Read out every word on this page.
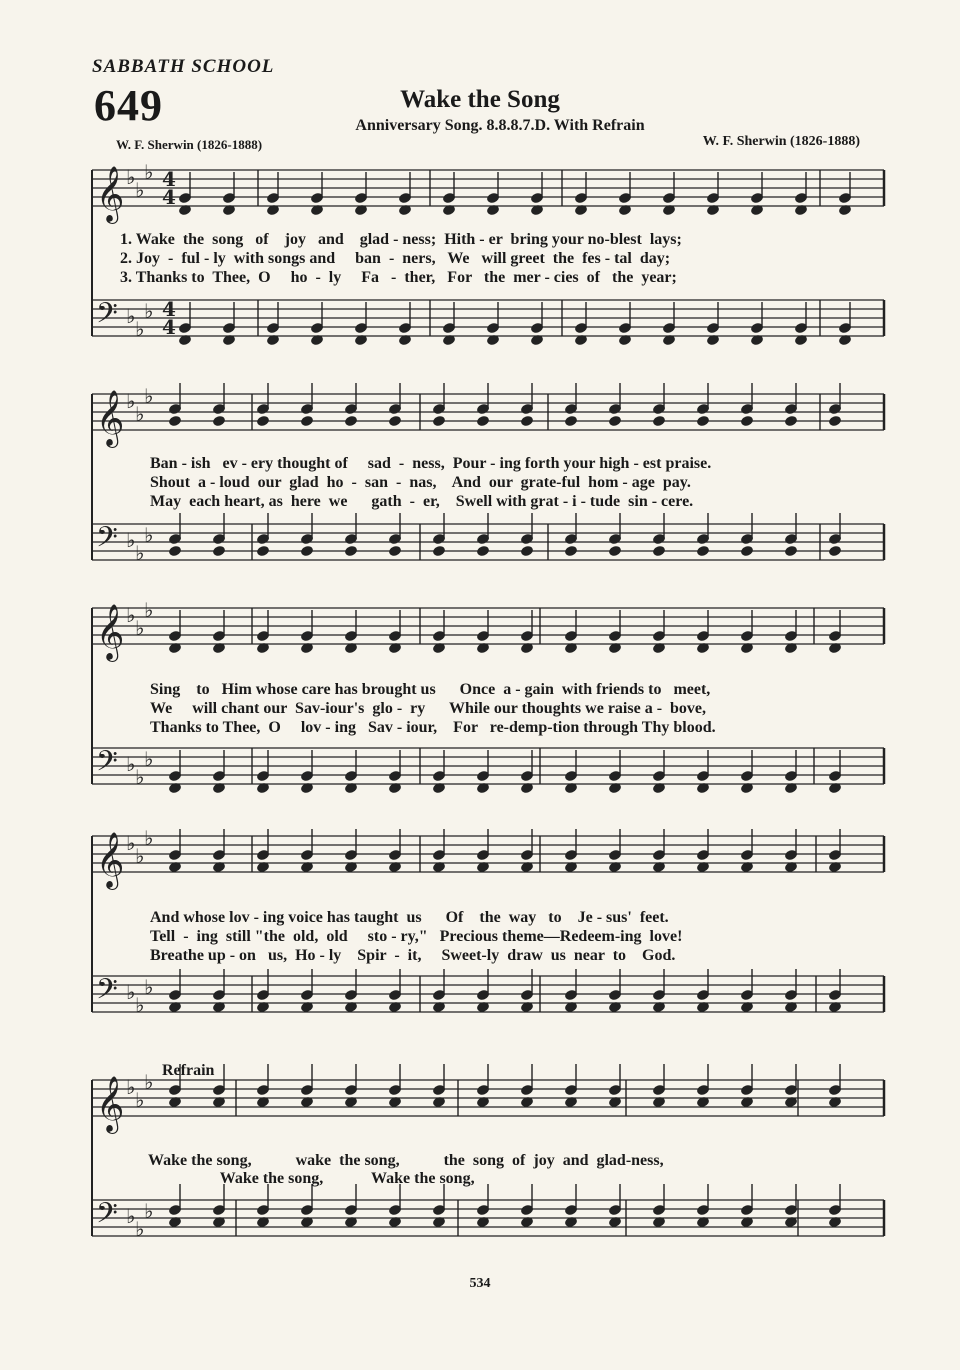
SABBATH SCHOOL
649	Wake the Song
Anniversary Song. 8.8.8.7.D. With Refrain
W. F. Sherwin (1826-1888)	W. F. Sherwin (1826-1888)
𝄞 ♭
♭
♭
𝄢 ♭
♭
♭
𝄞 ♭
♭
♭
𝄢 ♭
♭
♭
𝄞 ♭
♭
♭
𝄢 ♭
♭
♭
𝄞 ♭
♭
♭
𝄢 ♭
♭
♭
𝄞 ♭
♭
♭
𝄢 ♭
♭
♭
4
4
4
4
1. Wake  the  song   of    joy   and    glad - ness;  Hith - er  bring your no-blest  lays;
2. Joy  -  ful - ly  with songs and     ban  -  ners,   We   will greet  the  fes - tal  day;
3. Thanks to  Thee,  O     ho  -  ly     Fa   -  ther,   For   the  mer - cies  of   the  year;
Ban - ish   ev - ery thought of     sad  -  ness,  Pour - ing forth your high - est praise.
Shout  a - loud  our  glad  ho  -  san  -  nas,    And  our  grate-ful  hom - age  pay.
May  each heart, as  here  we      gath  -  er,    Swell with grat - i - tude  sin - cere.
Sing    to   Him whose care has brought us      Once  a - gain  with friends to   meet,
We     will chant our  Sav-iour's  glo -  ry      While our thoughts we raise a -  bove,
Thanks to Thee,  O     lov - ing   Sav - iour,    For   re-demp-tion through Thy blood.
And whose lov - ing voice has taught  us      Of    the  way   to    Je - sus'  feet.
Tell  -  ing  still "the  old,  old     sto - ry,"   Precious theme—Redeem-ing  love!
Breathe up - on   us,  Ho - ly    Spir  -  it,     Sweet-ly  draw  us  near  to    God.
Refrain
Wake the song,           wake  the song,           the  song  of  joy  and  glad-ness,
Wake the song,            Wake the song,
534
